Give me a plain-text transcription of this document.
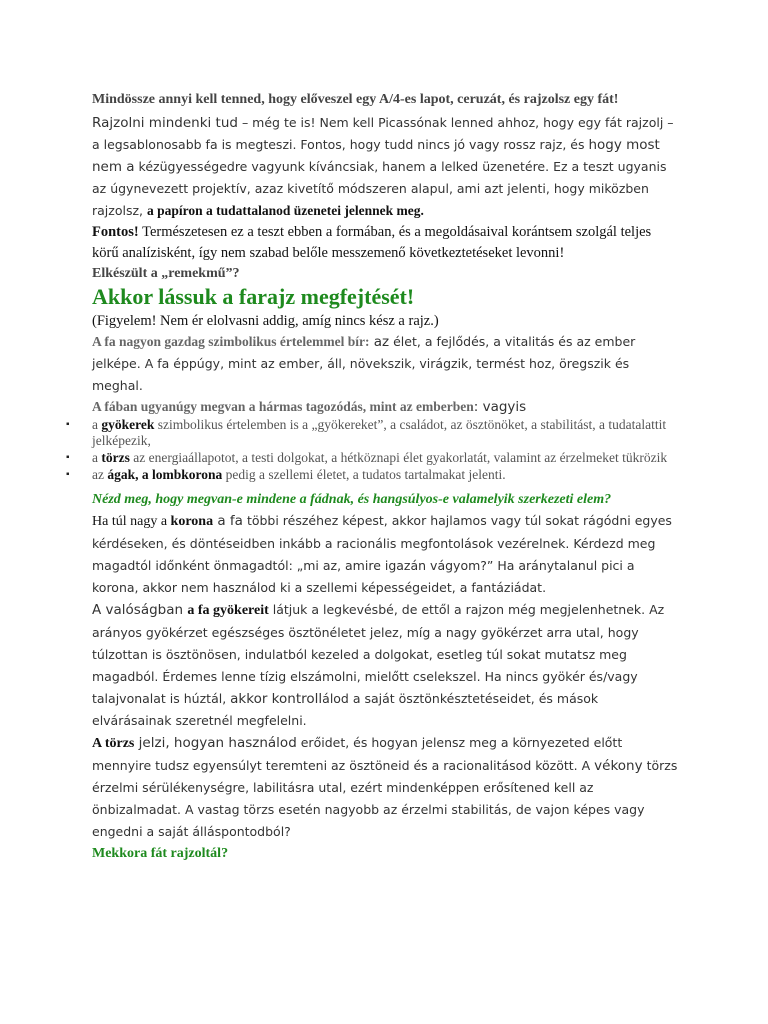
Mindössze annyi kell tenned, hogy előveszel egy A/4-es lapot, ceruzát, és rajzolsz egy fát!

Rajzolni mindenki tud – még te is! Nem kell Picassónak lenned ahhoz, hogy egy fát rajzolj – a legsablonosabb fa is megteszi. Fontos, hogy tudd nincs jó vagy rossz rajz, és hogy most nem a kézügyességedre vagyunk kíváncsiak, hanem a lelked üzenetére. Ez a teszt ugyanis az úgynevezett projektív, azaz kivetítő módszeren alapul, ami azt jelenti, hogy miközben rajzolsz, a papíron a tudattalanod üzenetei jelennek meg.

Fontos! Természetesen ez a teszt ebben a formában, és a megoldásaival korántsem szolgál teljes körű analízisként, így nem szabad belőle messzemenő következtetéseket levonni!

Elkészült a „remekmű”?

Akkor lássuk a farajz megfejtését!

(Figyelem! Nem ér elolvasni addig, amíg nincs kész a rajz.)

A fa nagyon gazdag szimbolikus értelemmel bír: az élet, a fejlődés, a vitalitás és az ember jelképe. A fa éppúgy, mint az ember, áll, növekszik, virágzik, termést hoz, öregszik és meghal.

A fában ugyanúgy megvan a hármas tagozódás, mint az emberben: vagyis

▪ a gyökerek szimbolikus értelemben is a „gyökereket”, a családot, az ösztönöket, a stabilitást, a tudatalattit jelképezik,
▪ a törzs az energiaállapotot, a testi dolgokat, a hétköznapi élet gyakorlatát, valamint az érzelmeket tükrözik
▪ az ágak, a lombkorona pedig a szellemi életet, a tudatos tartalmakat jelenti.

Nézd meg, hogy megvan-e mindene a fádnak, és hangsúlyos-e valamelyik szerkezeti elem?

Ha túl nagy a korona a fa többi részéhez képest, akkor hajlamos vagy túl sokat rágódni egyes kérdéseken, és döntéseidben inkább a racionális megfontolások vezérelnek. Kérdezd meg magadtól időnként önmagadtól: „mi az, amire igazán vágyom?” Ha aránytalanul pici a korona, akkor nem használod ki a szellemi képességeidet, a fantáziádat.

A valóságban a fa gyökereit látjuk a legkevésbé, de ettől a rajzon még megjelenhetnek. Az arányos gyökérzet egészséges ösztönéletet jelez, míg a nagy gyökérzet arra utal, hogy túlzottan is ösztönösen, indulatból kezeled a dolgokat, esetleg túl sokat mutatsz meg magadból. Érdemes lenne tízig elszámolni, mielőtt cselekszel. Ha nincs gyökér és/vagy talajvonalat is húztál, akkor kontrollálod a saját ösztönkésztetéseidet, és mások elvárásainak szeretnél megfelelni.

A törzs jelzi, hogyan használod erőidet, és hogyan jelensz meg a környezeted előtt mennyire tudsz egyensúlyt teremteni az ösztöneid és a racionalitásod között. A vékony törzs érzelmi sérülékenységre, labilitásra utal, ezért mindenképpen erősítened kell az önbizalmadat. A vastag törzs esetén nagyobb az érzelmi stabilitás, de vajon képes vagy engedni a saját álláspontodból?

Mekkora fát rajzoltál?
